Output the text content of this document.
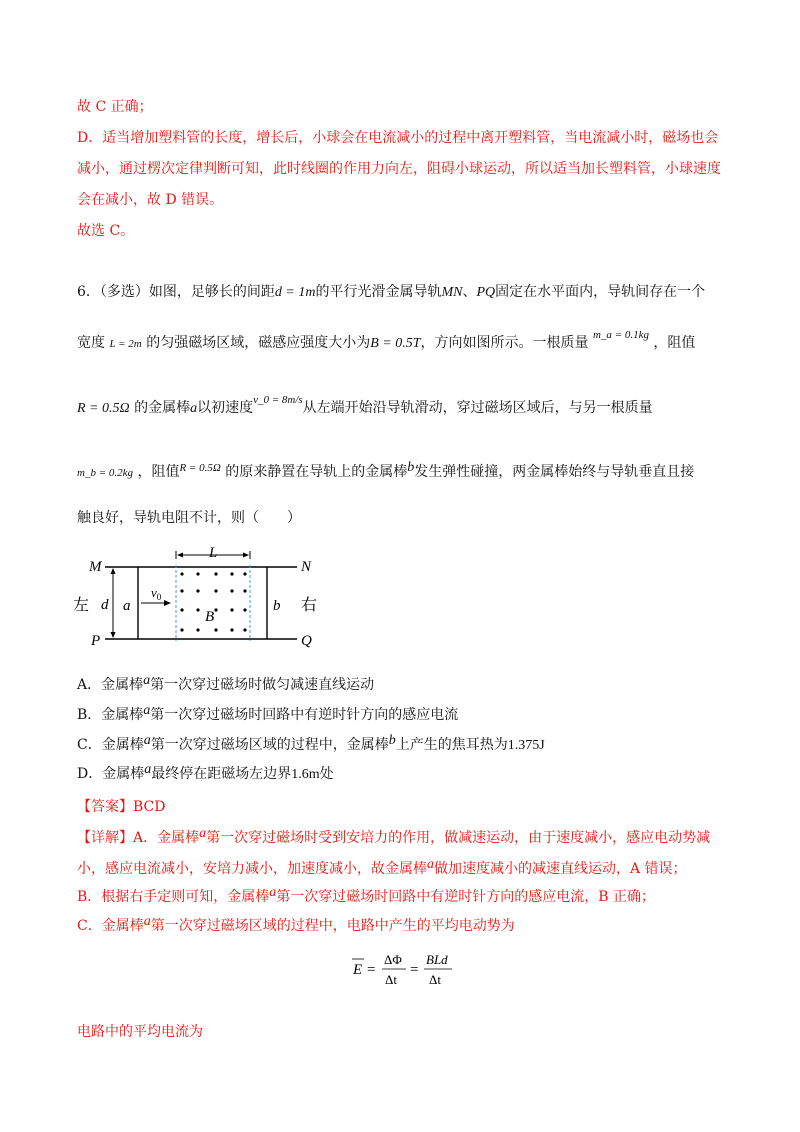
故 C 正确；
D．适当增加塑料管的长度，增长后，小球会在电流减小的过程中离开塑料管，当电流减小时，磁场也会
减小，通过楞次定律判断可知，此时线圈的作用力向左，阻碍小球运动，所以适当加长塑料管，小球速度
会在减小，故 D 错误。
故选 C。
6．（多选）如图，足够长的间距d = 1m的平行光滑金属导轨MN、PQ固定在水平面内，导轨间存在一个
宽度 L = 2m 的匀强磁场区域，磁感应强度大小为B = 0.5T，方向如图所示。一根质量 $^{m\_a = 0.1kg}$ ，阻值
R = 0.5Ω 的金属棒a以初速度$^{v\_0 = 8m/s}$从左端开始沿导轨滑动，穿过磁场区域后，与另一根质量
m_b = 0.2kg ，阻值$^{R = 0.5\Omega}$ 的原来静置在导轨上的金属棒b发生弹性碰撞，两金属棒始终与导轨垂直且接
触良好，导轨电阻不计，则（　　）
M	N
P	Q
L
左	右
d a	b
$v_0$
B
A．金属棒a第一次穿过磁场时做匀减速直线运动
B．金属棒a第一次穿过磁场时回路中有逆时针方向的感应电流
C．金属棒a第一次穿过磁场区域的过程中，金属棒b上产生的焦耳热为1.375J
D．金属棒a最终停在距磁场左边界1.6m处
【答案】BCD
【详解】A．金属棒a第一次穿过磁场时受到安培力的作用，做减速运动，由于速度减小，感应电动势减
小，感应电流减小，安培力减小，加速度减小，故金属棒a做加速度减小的减速直线运动，A 错误；
B．根据右手定则可知，金属棒a第一次穿过磁场时回路中有逆时针方向的感应电流，B 正确；
C．金属棒a第一次穿过磁场区域的过程中，电路中产生的平均电动势为
E =
ΔΦ
Δt
=
BLd
Δt
电路中的平均电流为
